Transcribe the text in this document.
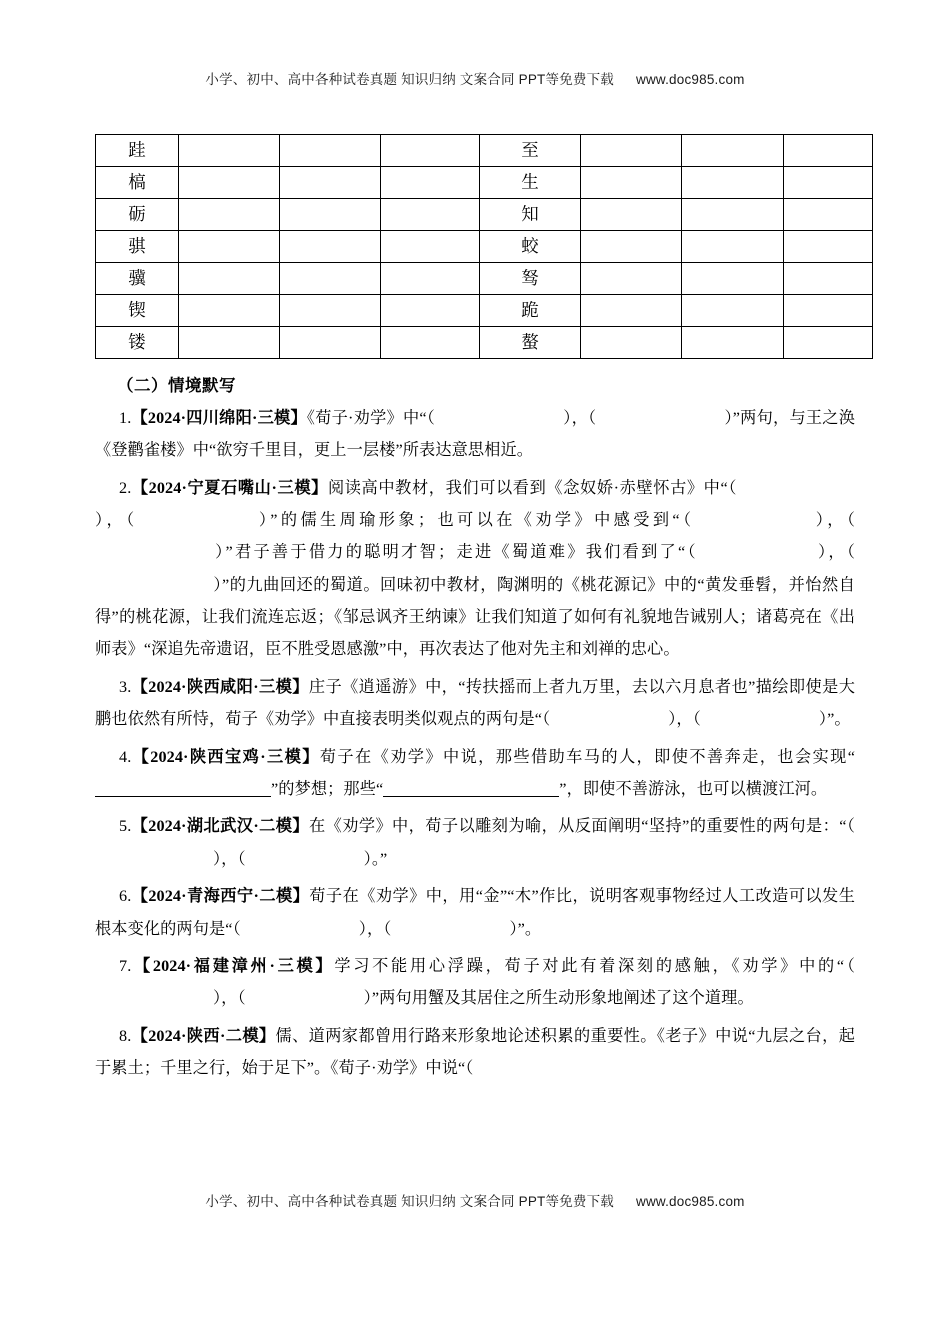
小学、初中、高中各种试卷真题 知识归纳 文案合同 PPT等免费下载 www.doc985.com
跬				至			
槁				生			
砺				知			
骐				蛟			
骥				驽			
锲				跪			
镂				螯			

（二）情境默写

1.【2024·四川绵阳·三模】《荀子·劝学》中“（	），（	）”两句，与王之涣《登鹳雀楼》中“欲穷千里目，更上一层楼”所表达意思相近。

2.【2024·宁夏石嘴山·三模】阅读高中教材，我们可以看到《念奴娇·赤壁怀古》中“（），（	）”的儒生周瑜形象；也可以在《劝学》中感受到“（	），（）”君子善于借力的聪明才智；走进《蜀道难》我们看到了“（	），（）”的九曲回还的蜀道。回味初中教材，陶渊明的《桃花源记》中的“黄发垂髫，并怡然自得”的桃花源，让我们流连忘返；《邹忌讽齐王纳谏》让我们知道了如何有礼貌地告诫别人；诸葛亮在《出师表》“深追先帝遗诏，臣不胜受恩感激”中，再次表达了他对先主和刘禅的忠心。

3.【2024·陕西咸阳·三模】庄子《逍遥游》中，“抟扶摇而上者九万里，去以六月息者也”描绘即使是大鹏也依然有所恃，荀子《劝学》中直接表明类似观点的两句是“（	），（	）”。

4.【2024·陕西宝鸡·三模】荀子在《劝学》中说，那些借助车马的人，即使不善奔走，也会实现“”的梦想；那些“	”，即使不善游泳，也可以横渡江河。

5.【2024·湖北武汉·二模】在《劝学》中，荀子以雕刻为喻，从反面阐明“坚持”的重要性的两句是：“（），（	）。”

6.【2024·青海西宁·二模】荀子在《劝学》中，用“金”“木”作比，说明客观事物经过人工改造可以发生根本变化的两句是“（	），（	）”。

7.【2024·福建漳州·三模】学习不能用心浮躁，荀子对此有着深刻的感触，《劝学》中的“（），（	）”两句用蟹及其居住之所生动形象地阐述了这个道理。

8.【2024·陕西·二模】儒、道两家都曾用行路来形象地论述积累的重要性。《老子》中说“九层之台，起于累土；千里之行，始于足下”。《荀子·劝学》中说“（

小学、初中、高中各种试卷真题 知识归纳 文案合同 PPT等免费下载 www.doc985.com
